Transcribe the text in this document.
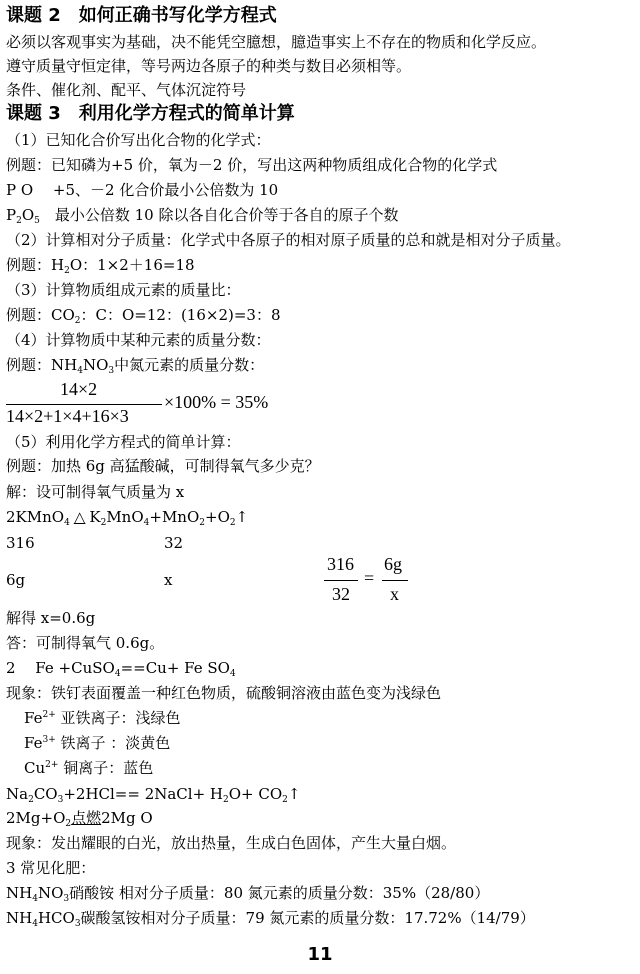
课题 2　如何正确书写化学方程式
必须以客观事实为基础，决不能凭空臆想，臆造事实上不存在的物质和化学反应。
遵守质量守恒定律，等号两边各原子的种类与数目必须相等。
条件、催化剂、配平、气体沉淀符号
课题 3　利用化学方程式的简单计算
（1）已知化合价写出化合物的化学式：
例题：已知磷为+5 价，氧为－2 价，写出这两种物质组成化合物的化学式
P O　 +5、－2 化合价最小公倍数为 10
$P_2O_5$　最小公倍数 10 除以各自化合价等于各自的原子个数
（2）计算相对分子质量：化学式中各原子的相对原子质量的总和就是相对分子质量。
例题：$H_2O$：1×2＋16=18
（3）计算物质组成元素的质量比：
例题：$CO_2$：C：O=12：(16×2)=3：8
（4）计算物质中某种元素的质量分数：
例题：$NH_4NO_3$中氮元素的质量分数：
14×2
14×2+1×4+16×3
×100% = 35%
（5）利用化学方程式的简单计算：
例题：加热 6g 高猛酸碱，可制得氧气多少克？
解：设可制得氧气质量为 x
2KMnO$_4$ △ $K_2MnO_4+MnO_2+O_2↑$
316	32
6g	x
316
32
=
6g
x
解得 x=0.6g
答：可制得氧气 0.6g。
2　 Fe +CuSO$_4$==Cu+ Fe $SO_4$
现象：铁钉表面覆盖一种红色物质，硫酸铜溶液由蓝色变为浅绿色
$Fe^{2+}$ 亚铁离子：浅绿色
$Fe^{3+}$ 铁离子 ：淡黄色
$Cu^{2+}$ 铜离子：蓝色
$Na_2CO_3+2HCl==$ 2NaCl+ $H_2O+$ $CO_2↑$
$2Mg+O_2$点燃2Mg O
现象：发出耀眼的白光，放出热量，生成白色固体，产生大量白烟。
3 常见化肥：
$NH_4NO_3$硝酸铵 相对分子质量：80 氮元素的质量分数：35%（28/80）
$NH_4HCO_3$碳酸氢铵相对分子质量：79 氮元素的质量分数：17.72%（14/79）
11
